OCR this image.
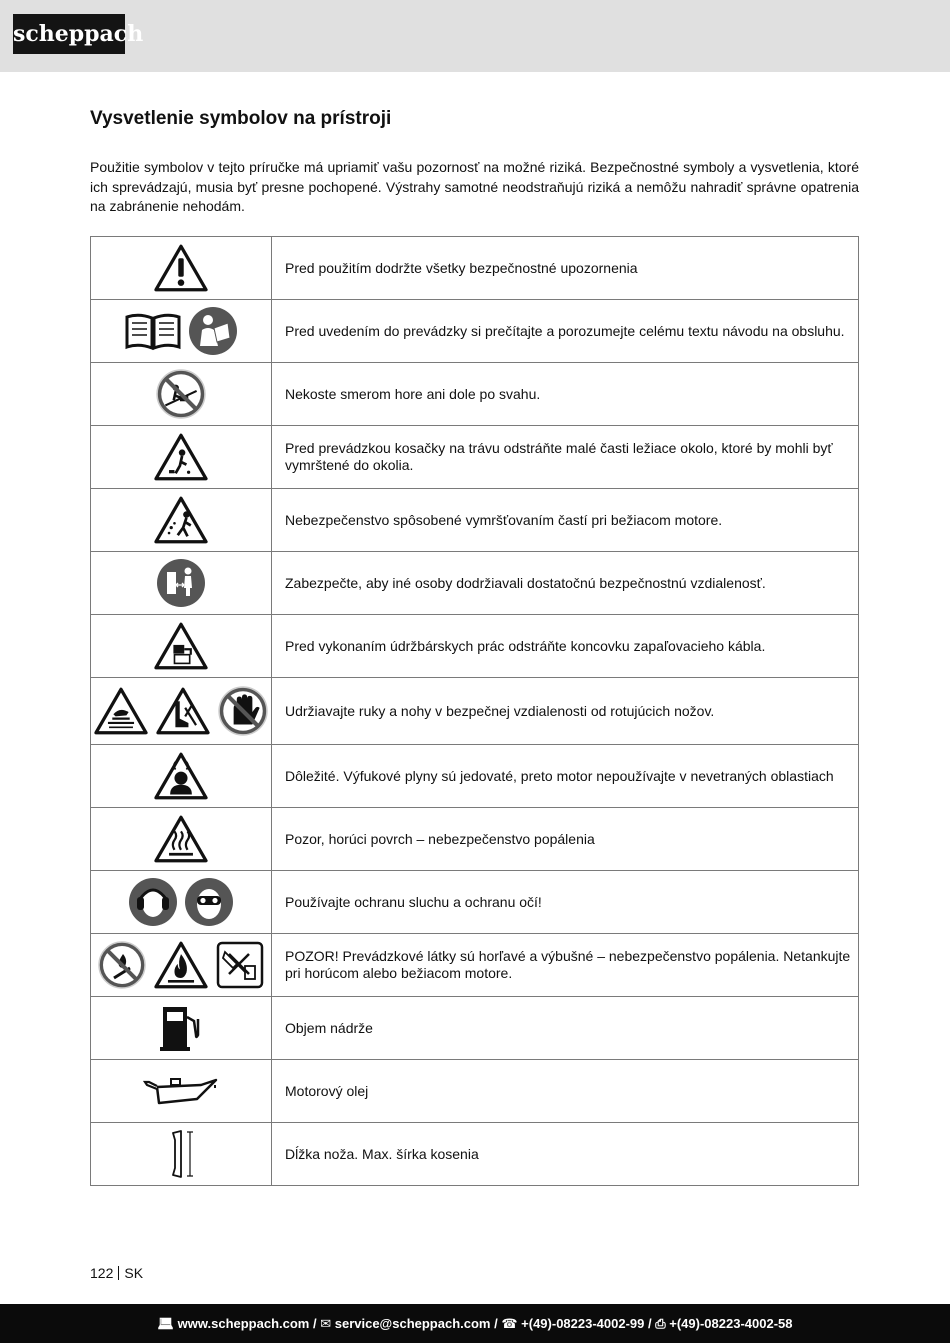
scheppach
Vysvetlenie symbolov na prístroji

Použitie symbolov v tejto príručke má upriamiť vašu pozornosť na možné riziká. Bezpečnostné symboly a vysvetlenia, ktoré ich sprevádzajú, musia byť presne pochopené. Výstrahy samotné neodstraňujú riziká a nemôžu nahradiť správne opatrenia na zabránenie nehodám.

	Pred použitím dodržte všetky bezpečnostné upozornenia
	Pred uvedením do prevádzky si prečítajte a porozumejte celému textu návodu na obsluhu.
	Nekoste smerom hore ani dole po svahu.
	Pred prevádzkou kosačky na trávu odstráňte malé časti ležiace okolo, ktoré by mohli byť vymrštené do okolia.
	Nebezpečenstvo spôsobené vymršťovaním častí pri bežiacom motore.
	Zabezpečte, aby iné osoby dodržiavali dostatočnú bezpečnostnú vzdialenosť.
	Pred vykonaním údržbárskych prác odstráňte koncovku zapaľovacieho kábla.
	Udržiavajte ruky a nohy v bezpečnej vzdialenosti od rotujúcich nožov.
	Dôležité. Výfukové plyny sú jedovaté, preto motor nepoužívajte v nevetraných oblastiach
	Pozor, horúci povrch – nebezpečenstvo popálenia
	Používajte ochranu sluchu a ochranu očí!
	POZOR! Prevádzkové látky sú horľavé a výbušné – nebezpečenstvo popálenia. Netankujte pri horúcom alebo bežiacom motore.
	Objem nádrže
	Motorový olej
	Dĺžka noža. Max. šírka kosenia
122 SK
💻︎ www.scheppach.com / ✉︎ service@scheppach.com / ☎ +(49)-08223-4002-99 / ⎙ +(49)-08223-4002-58
